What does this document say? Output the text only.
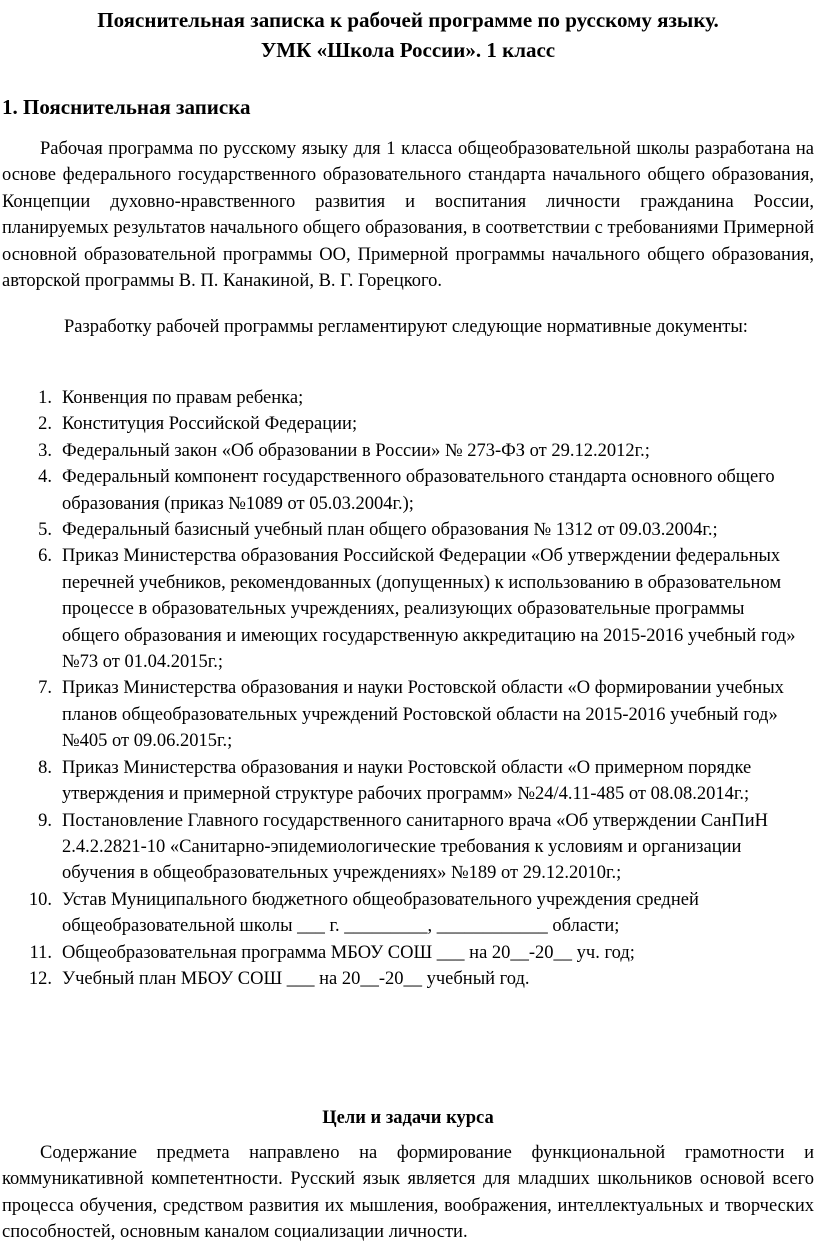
Пояснительная записка к рабочей программе по русскому языку.
УМК «Школа России». 1 класс
1. Пояснительная записка
Рабочая программа по русскому языку для 1 класса общеобразовательной школы разработана на основе федерального государственного образовательного стандарта начального общего образования, Концепции духовно-нравственного развития и воспитания личности гражданина России, планируемых результатов начального общего образования, в соответствии с требованиями Примерной основной образовательной программы ОО, Примерной программы начального общего образования, авторской программы В. П. Канакиной, В. Г. Горецкого.
Разработку рабочей программы регламентируют следующие нормативные документы:
1. Конвенция по правам ребенка;
2. Конституция Российской Федерации;
3. Федеральный закон «Об образовании в России» № 273-ФЗ от 29.12.2012г.;
4. Федеральный компонент государственного образовательного стандарта основного общего образования (приказ №1089 от 05.03.2004г.);
5. Федеральный базисный учебный план общего образования № 1312 от 09.03.2004г.;
6. Приказ Министерства образования Российской Федерации «Об утверждении федеральных перечней учебников, рекомендованных (допущенных) к использованию в образовательном процессе в образовательных учреждениях, реализующих образовательные программы общего образования и имеющих государственную аккредитацию на 2015-2016 учебный год» №73 от 01.04.2015г.;
7. Приказ Министерства образования и науки Ростовской области «О формировании учебных планов общеобразовательных учреждений Ростовской области на 2015-2016 учебный год» №405 от 09.06.2015г.;
8. Приказ Министерства образования и науки Ростовской области «О примерном порядке утверждения и примерной структуре рабочих программ» №24/4.11-485 от 08.08.2014г.;
9. Постановление Главного государственного санитарного врача «Об утверждении СанПиН 2.4.2.2821-10 «Санитарно-эпидемиологические требования к условиям и организации обучения в общеобразовательных учреждениях» №189 от 29.12.2010г.;
10. Устав Муниципального бюджетного общеобразовательного учреждения средней общеобразовательной школы ___ г. _________, ____________ области;
11. Общеобразовательная программа МБОУ СОШ ___ на 20__-20__ уч. год;
12. Учебный план МБОУ СОШ ___ на 20__-20__ учебный год.
Цели и задачи курса
Содержание предмета направлено на формирование функциональной грамотности и коммуникативной компетентности. Русский язык является для младших школьников основой всего процесса обучения, средством развития их мышления, воображения, интеллектуальных и творческих способностей, основным каналом социализации личности.
